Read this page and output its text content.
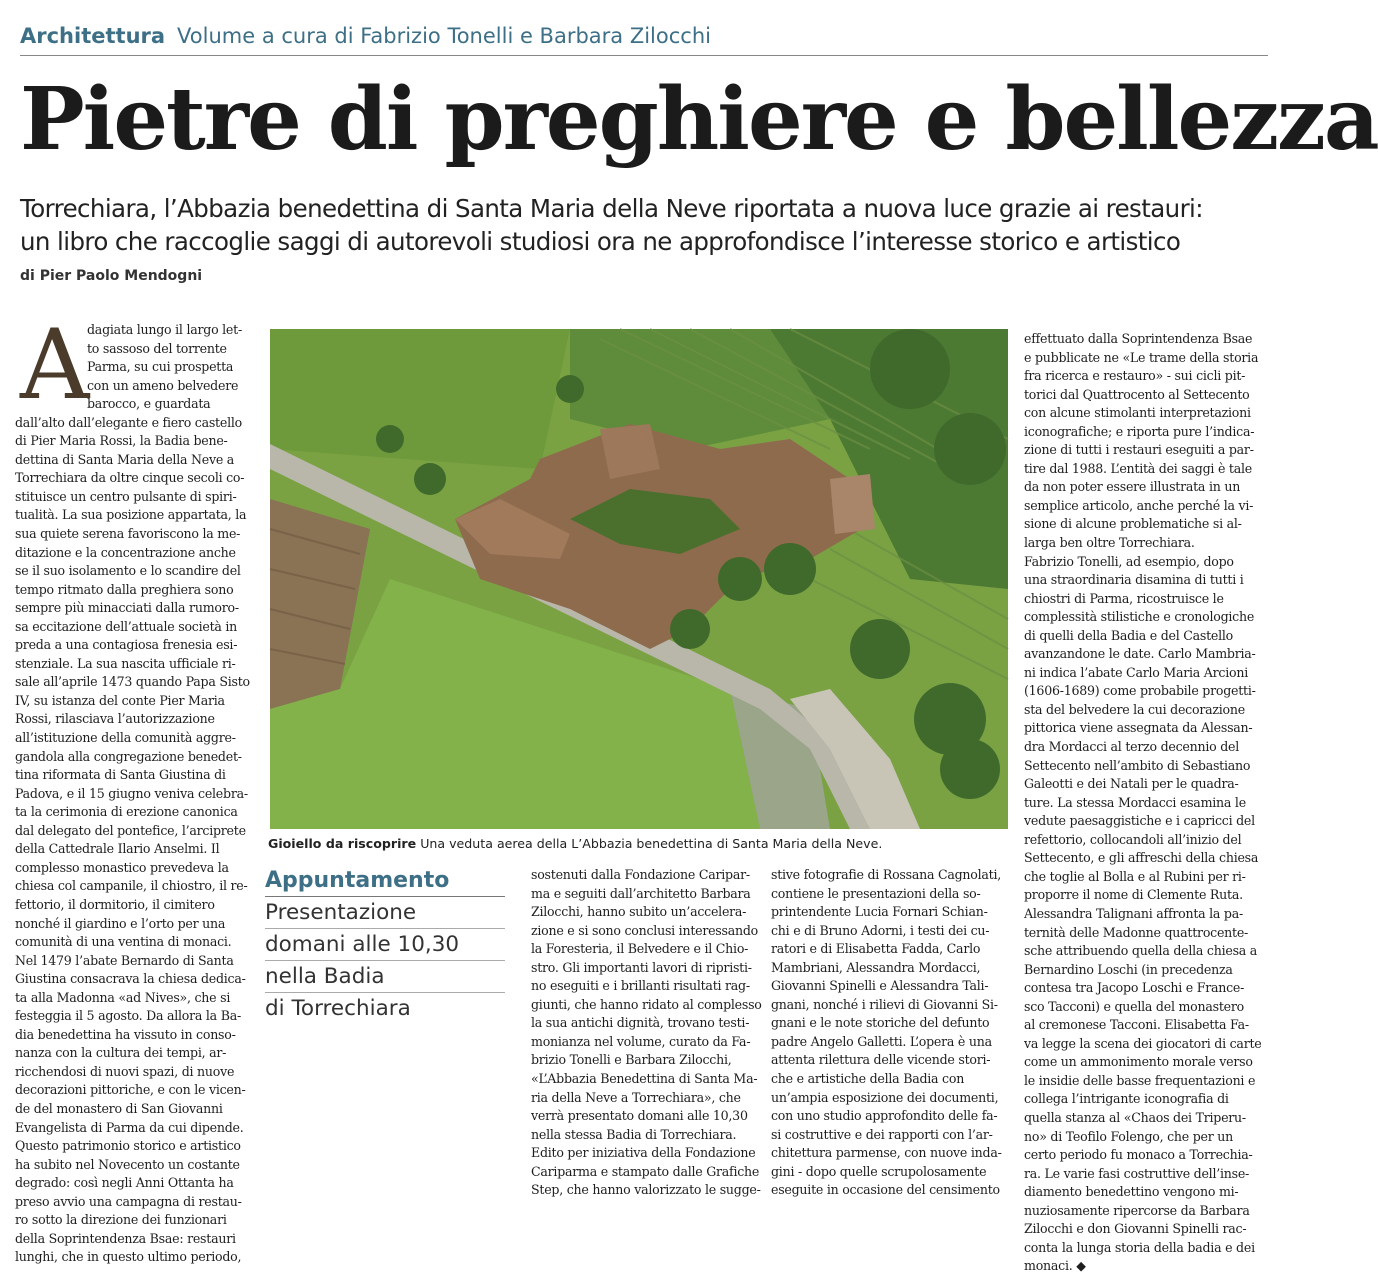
Architettura Volume a cura di Fabrizio Tonelli e Barbara Zilocchi
Pietre di preghiere e bellezza
Torrechiara, l’Abbazia benedettina di Santa Maria della Neve riportata a nuova luce grazie ai restauri:
un libro che raccoglie saggi di autorevoli studiosi ora ne approfondisce l’interesse storico e artistico
di Pier Paolo Mendogni
A
dagiata lungo il largo let-
to sassoso del torrente
Parma, su cui prospetta
con un ameno belvedere
barocco, e guardata
dall’alto dall’elegante e fiero castello
di Pier Maria Rossi, la Badia bene-
dettina di Santa Maria della Neve a
Torrechiara da oltre cinque secoli co-
stituisce un centro pulsante di spiri-
tualità. La sua posizione appartata, la
sua quiete serena favoriscono la me-
ditazione e la concentrazione anche
se il suo isolamento e lo scandire del
tempo ritmato dalla preghiera sono
sempre più minacciati dalla rumoro-
sa eccitazione dell’attuale società in
preda a una contagiosa frenesia esi-
stenziale. La sua nascita ufficiale ri-
sale all’aprile 1473 quando Papa Sisto
IV, su istanza del conte Pier Maria
Rossi, rilasciava l’autorizzazione
all’istituzione della comunità aggre-
gandola alla congregazione benedet-
tina riformata di Santa Giustina di
Padova, e il 15 giugno veniva celebra-
ta la cerimonia di erezione canonica
dal delegato del pontefice, l’arciprete
della Cattedrale Ilario Anselmi. Il
complesso monastico prevedeva la
chiesa col campanile, il chiostro, il re-
fettorio, il dormitorio, il cimitero
nonché il giardino e l’orto per una
comunità di una ventina di monaci.
Nel 1479 l’abate Bernardo di Santa
Giustina consacrava la chiesa dedica-
ta alla Madonna «ad Nives», che si
festeggia il 5 agosto. Da allora la Ba-
dia benedettina ha vissuto in conso-
nanza con la cultura dei tempi, ar-
ricchendosi di nuovi spazi, di nuove
decorazioni pittoriche, e con le vicen-
de del monastero di San Giovanni
Evangelista di Parma da cui dipende.
Questo patrimonio storico e artistico
ha subito nel Novecento un costante
degrado: così negli Anni Ottanta ha
preso avvio una campagna di restau-
ro sotto la direzione dei funzionari
della Soprintendenza Bsae: restauri
lunghi, che in questo ultimo periodo,
Gioiello da riscoprire Una veduta aerea della L’Abbazia benedettina di Santa Maria della Neve.
Appuntamento
Presentazione
domani alle 10,30
nella Badia
di Torrechiara
sostenuti dalla Fondazione Caripar-
ma e seguiti dall’architetto Barbara
Zilocchi, hanno subito un’accelera-
zione e si sono conclusi interessando
la Foresteria, il Belvedere e il Chio-
stro. Gli importanti lavori di ripristi-
no eseguiti e i brillanti risultati rag-
giunti, che hanno ridato al complesso
la sua antichi dignità, trovano testi-
monianza nel volume, curato da Fa-
brizio Tonelli e Barbara Zilocchi,
«L’Abbazia Benedettina di Santa Ma-
ria della Neve a Torrechiara», che
verrà presentato domani alle 10,30
nella stessa Badia di Torrechiara.
Edito per iniziativa della Fondazione
Cariparma e stampato dalle Grafiche
Step, che hanno valorizzato le sugge-
stive fotografie di Rossana Cagnolati,
contiene le presentazioni della so-
printendente Lucia Fornari Schian-
chi e di Bruno Adorni, i testi dei cu-
ratori e di Elisabetta Fadda, Carlo
Mambriani, Alessandra Mordacci,
Giovanni Spinelli e Alessandra Tali-
gnani, nonché i rilievi di Giovanni Si-
gnani e le note storiche del defunto
padre Angelo Galletti. L’opera è una
attenta rilettura delle vicende stori-
che e artistiche della Badia con
un’ampia esposizione dei documenti,
con uno studio approfondito delle fa-
si costruttive e dei rapporti con l’ar-
chitettura parmense, con nuove inda-
gini - dopo quelle scrupolosamente
eseguite in occasione del censimento
effettuato dalla Soprintendenza Bsae
e pubblicate ne «Le trame della storia
fra ricerca e restauro» - sui cicli pit-
torici dal Quattrocento al Settecento
con alcune stimolanti interpretazioni
iconografiche; e riporta pure l’indica-
zione di tutti i restauri eseguiti a par-
tire dal 1988. L’entità dei saggi è tale
da non poter essere illustrata in un
semplice articolo, anche perché la vi-
sione di alcune problematiche si al-
larga ben oltre Torrechiara.
Fabrizio Tonelli, ad esempio, dopo
una straordinaria disamina di tutti i
chiostri di Parma, ricostruisce le
complessità stilistiche e cronologiche
di quelli della Badia e del Castello
avanzandone le date. Carlo Mambria-
ni indica l’abate Carlo Maria Arcioni
(1606-1689) come probabile progetti-
sta del belvedere la cui decorazione
pittorica viene assegnata da Alessan-
dra Mordacci al terzo decennio del
Settecento nell’ambito di Sebastiano
Galeotti e dei Natali per le quadra-
ture. La stessa Mordacci esamina le
vedute paesaggistiche e i capricci del
refettorio, collocandoli all’inizio del
Settecento, e gli affreschi della chiesa
che toglie al Bolla e al Rubini per ri-
proporre il nome di Clemente Ruta.
Alessandra Talignani affronta la pa-
ternità delle Madonne quattrocente-
sche attribuendo quella della chiesa a
Bernardino Loschi (in precedenza
contesa tra Jacopo Loschi e France-
sco Tacconi) e quella del monastero
al cremonese Tacconi. Elisabetta Fa-
va legge la scena dei giocatori di carte
come un ammonimento morale verso
le insidie delle basse frequentazioni e
collega l’intrigante iconografia di
quella stanza al «Chaos dei Triperu-
no» di Teofilo Folengo, che per un
certo periodo fu monaco a Torrechia-
ra. Le varie fasi costruttive dell’inse-
diamento benedettino vengono mi-
nuziosamente ripercorse da Barbara
Zilocchi e don Giovanni Spinelli rac-
conta la lunga storia della badia e dei
monaci. ◆
